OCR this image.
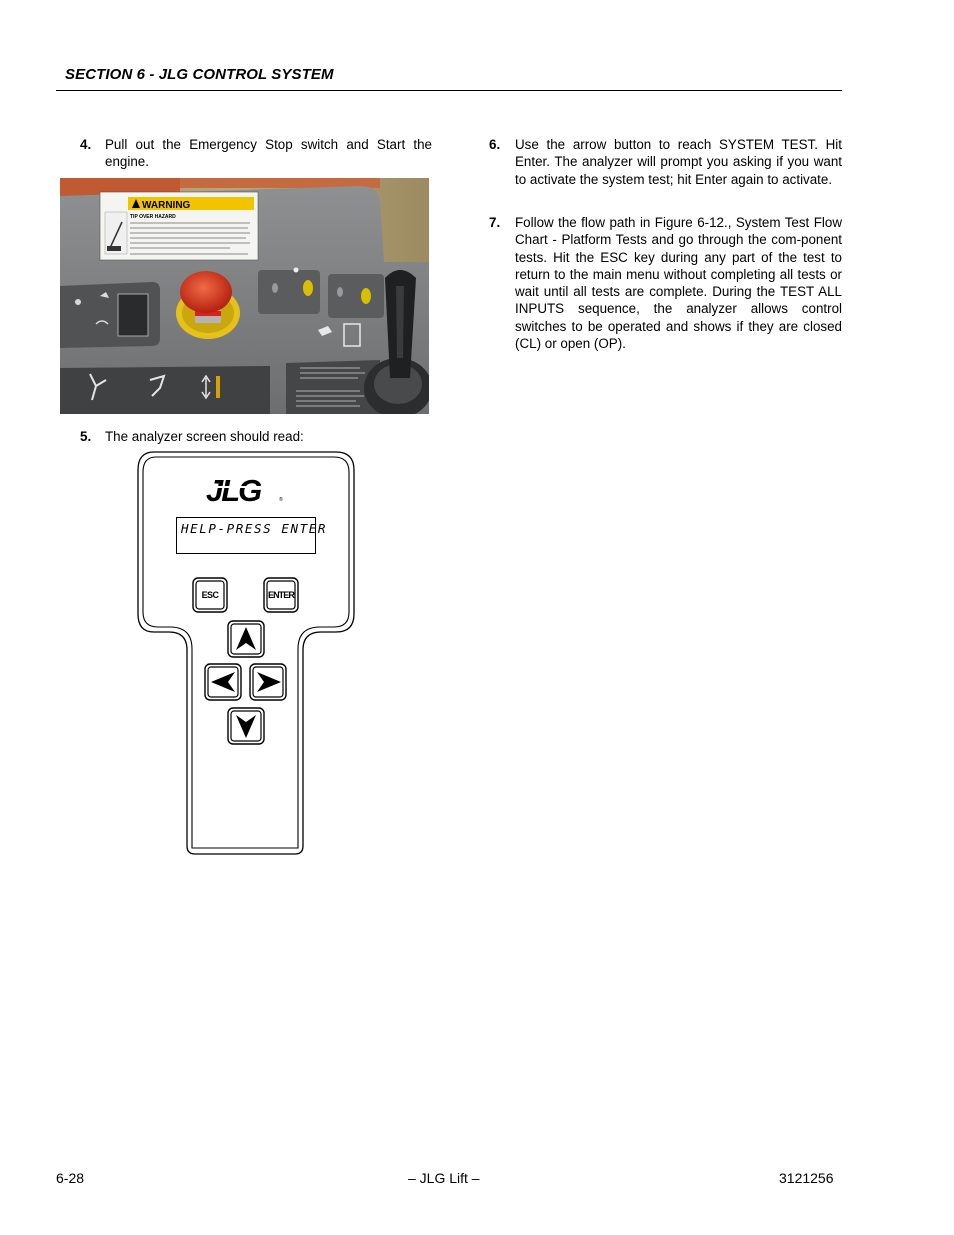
SECTION 6 - JLG CONTROL SYSTEM
4. Pull out the Emergency Stop switch and Start the engine.
WARNING
TIP OVER HAZARD
5. The analyzer screen should read:
JLG	®
ESC	ENTER
HELP-PRESS ENTER
6. Use the arrow button to reach SYSTEM TEST. Hit Enter. The analyzer will prompt you asking if you want to activate the system test; hit Enter again to activate.
7. Follow the flow path in Figure 6-12., System Test Flow Chart - Platform Tests and go through the com-ponent tests. Hit the ESC key during any part of the test to return to the main menu without completing all tests or wait until all tests are complete. During the TEST ALL INPUTS sequence, the analyzer allows control switches to be operated and shows if they are closed (CL) or open (OP).
6-28	– JLG Lift –	3121256
